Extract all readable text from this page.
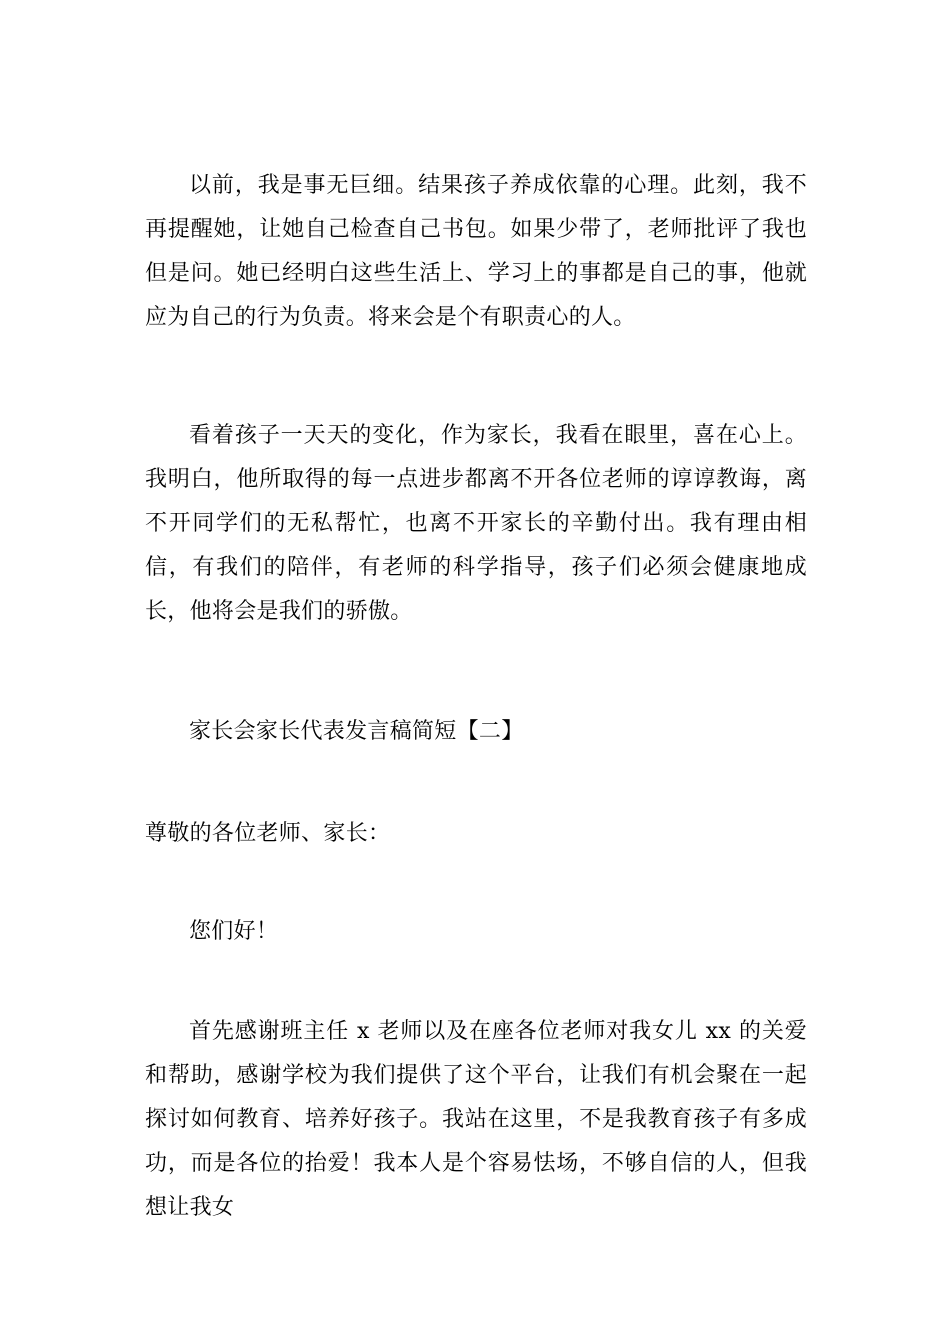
以前，我是事无巨细。结果孩子养成依靠的心理。此刻，我不再提醒她，让她自己检查自己书包。如果少带了，老师批评了我也但是问。她已经明白这些生活上、学习上的事都是自己的事，他就应为自己的行为负责。将来会是个有职责心的人。

看着孩子一天天的变化，作为家长，我看在眼里，喜在心上。我明白，他所取得的每一点进步都离不开各位老师的谆谆教诲，离不开同学们的无私帮忙，也离不开家长的辛勤付出。我有理由相信，有我们的陪伴，有老师的科学指导，孩子们必须会健康地成长，他将会是我们的骄傲。

家长会家长代表发言稿简短【二】

尊敬的各位老师、家长：

您们好！

首先感谢班主任 x 老师以及在座各位老师对我女儿 xx 的关爱和帮助，感谢学校为我们提供了这个平台，让我们有机会聚在一起探讨如何教育、培养好孩子。我站在这里，不是我教育孩子有多成功，而是各位的抬爱！我本人是个容易怯场，不够自信的人，但我想让我女
